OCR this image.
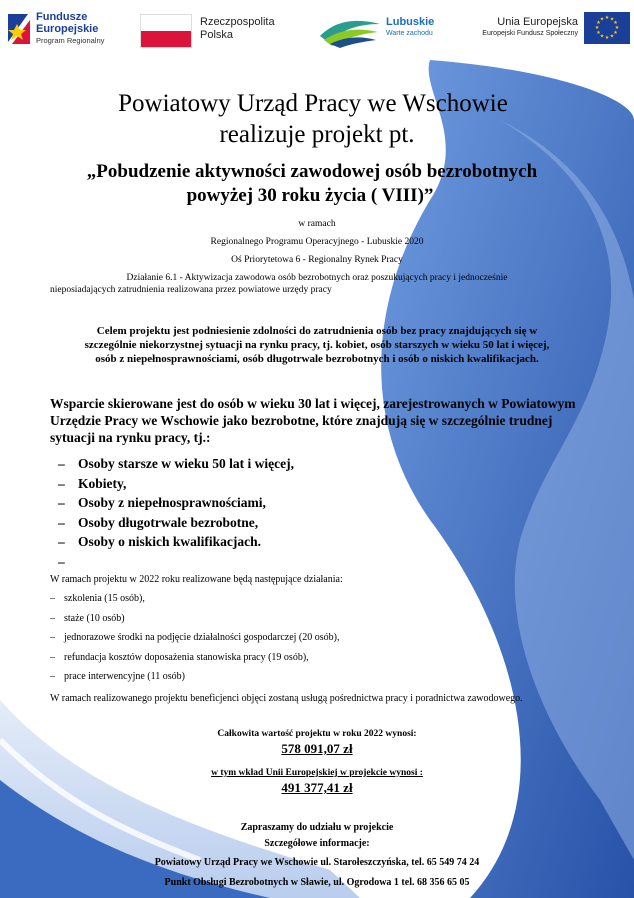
Fundusze
Europejskie
Program Regionalny
Rzeczpospolita
Polska
Lubuskie
Warte zachodu
Unia Europejska
Europejski Fundusz Społeczny
★ ★
★
★
★
★
★
★
★
★
★
★
Powiatowy Urząd Pracy we Wschowie
realizuje projekt pt.
„Pobudzenie aktywności zawodowej osób bezrobotnych
powyżej 30 roku życia ( VIII)”
w ramach
Regionalnego Programu Operacyjnego - Lubuskie 2020
Oś Priorytetowa 6 - Regionalny Rynek Pracy
Działanie 6.1 - Aktywizacja zawodowa osób bezrobotnych oraz poszukujących pracy i jednocześnie
nieposiadających zatrudnienia realizowana przez powiatowe urzędy pracy
Celem projektu jest podniesienie zdolności do zatrudnienia osób bez pracy znajdujących się w
szczególnie niekorzystnej sytuacji na rynku pracy, tj. kobiet, osób starszych w wieku 50 lat i więcej,
osób z niepełnosprawnościami, osób długotrwale bezrobotnych i osób o niskich kwalifikacjach.
Wsparcie skierowane jest do osób w wieku 30 lat i więcej, zarejestrowanych w Powiatowym
Urzędzie Pracy we Wschowie jako bezrobotne, które znajdują się w szczególnie trudnej
sytuacji na rynku pracy, tj.:
– Osoby starsze w wieku 50 lat i więcej,
– Kobiety,
– Osoby z niepełnosprawnościami,
– Osoby długotrwale bezrobotne,
– Osoby o niskich kwalifikacjach.
–
W ramach projektu w 2022 roku realizowane będą następujące działania:
– szkolenia (15 osób),
– staże (10 osób)
– jednorazowe środki na podjęcie działalności gospodarczej (20 osób),
– refundacja kosztów doposażenia stanowiska pracy (19 osób),
– prace interwencyjne (11 osób)
W ramach realizowanego projektu beneficjenci objęci zostaną usługą pośrednictwa pracy i poradnictwa zawodowego.
Całkowita wartość projektu w roku 2022 wynosi:
578 091,07 zł
w tym wkład Unii Europejskiej w projekcie wynosi :
491 377,41 zł
Zapraszamy do udziału w projekcie
Szczegółowe informacje:
Powiatowy Urząd Pracy we Wschowie ul. Starołeszczyńska, tel. 65 549 74 24
Punkt Obsługi Bezrobotnych w Sławie, ul. Ogrodowa 1 tel. 68 356 65 05
